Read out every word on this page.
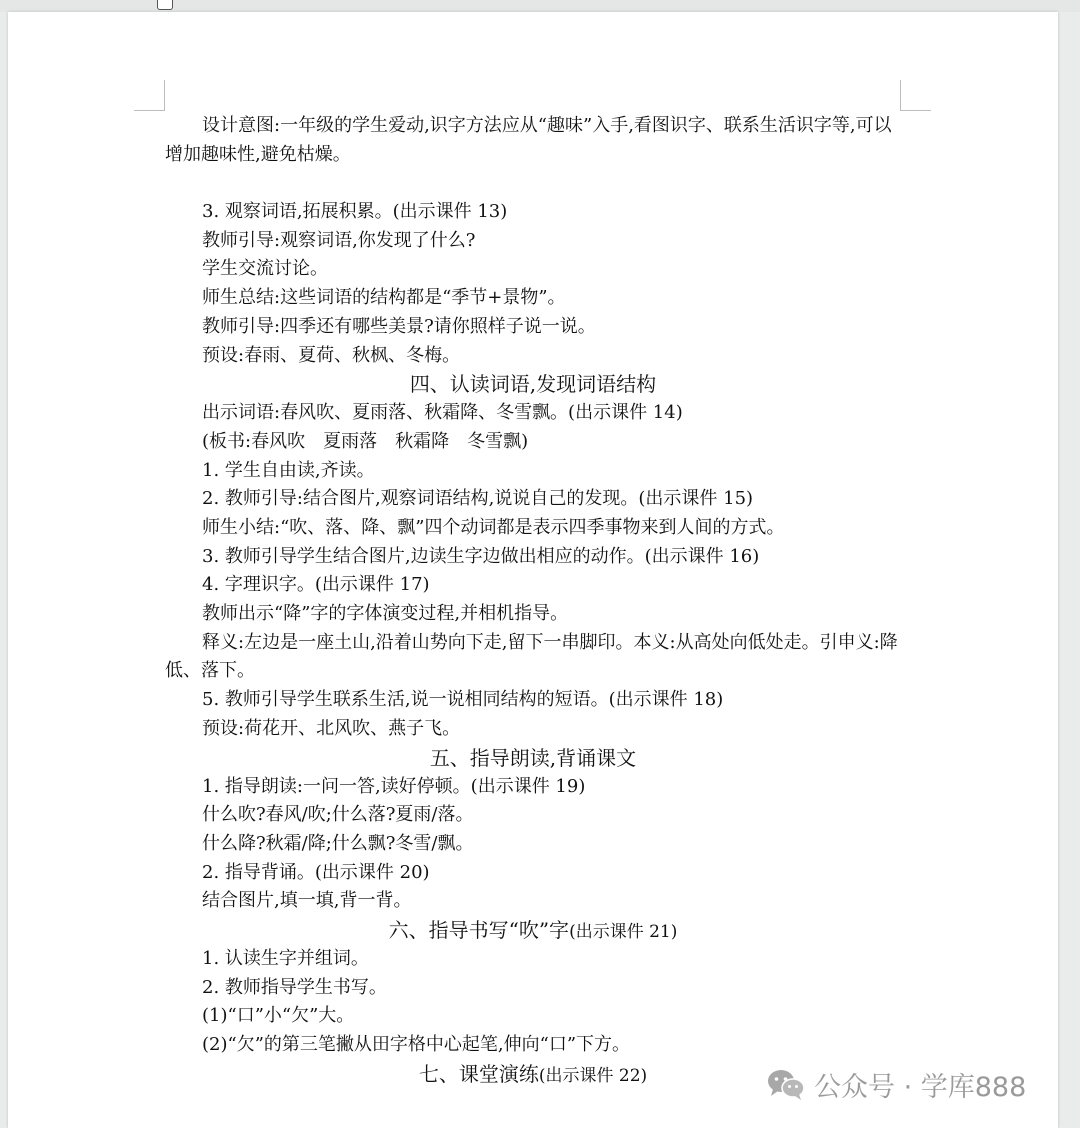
设计意图:一年级的学生爱动,识字方法应从“趣味”入手,看图识字、联系生活识字等,可以增加趣味性,避免枯燥。
3. 观察词语,拓展积累。(出示课件 13)
教师引导:观察词语,你发现了什么?
学生交流讨论。
师生总结:这些词语的结构都是“季节+景物”。
教师引导:四季还有哪些美景?请你照样子说一说。
预设:春雨、夏荷、秋枫、冬梅。
四、认读词语,发现词语结构
出示词语:春风吹、夏雨落、秋霜降、冬雪飘。(出示课件 14)
(板书:春风吹　夏雨落　秋霜降　冬雪飘)
1. 学生自由读,齐读。
2. 教师引导:结合图片,观察词语结构,说说自己的发现。(出示课件 15)
师生小结:“吹、落、降、飘”四个动词都是表示四季事物来到人间的方式。
3. 教师引导学生结合图片,边读生字边做出相应的动作。(出示课件 16)
4. 字理识字。(出示课件 17)
教师出示“降”字的字体演变过程,并相机指导。
释义:左边是一座土山,沿着山势向下走,留下一串脚印。本义:从高处向低处走。引申义:降低、落下。
5. 教师引导学生联系生活,说一说相同结构的短语。(出示课件 18)
预设:荷花开、北风吹、燕子飞。
五、指导朗读,背诵课文
1. 指导朗读:一问一答,读好停顿。(出示课件 19)
什么吹?春风/吹;什么落?夏雨/落。
什么降?秋霜/降;什么飘?冬雪/飘。
2. 指导背诵。(出示课件 20)
结合图片,填一填,背一背。
六、指导书写“吹”字(出示课件 21)
1. 认读生字并组词。
2. 教师指导学生书写。
(1)“口”小“欠”大。
(2)“欠”的第三笔撇从田字格中心起笔,伸向“口”下方。
七、课堂演练(出示课件 22)	公众号 · 学库888
